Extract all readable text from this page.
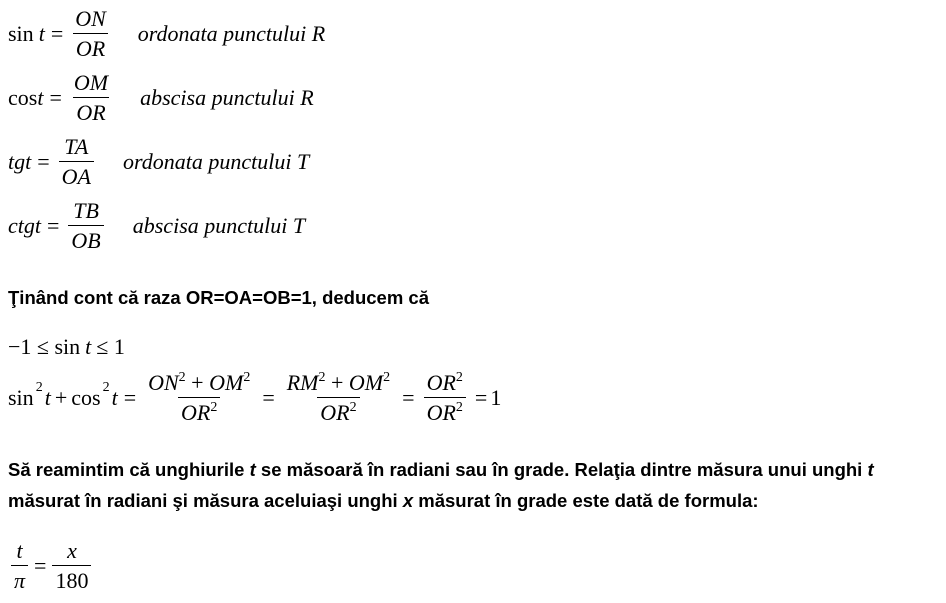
$\sin t = \frac{ON}{OR}$ ordonata punctului R
$\cos t = \frac{OM}{OR}$ abscisa punctului R
tgt = $\frac{TA}{OA}$ ordonata punctului T
ctgt = $\frac{TB}{OB}$ abscisa punctului T
Ţinând cont că raza OR=OA=OB=1, deducem că
−1 ≤ sin t ≤ 1
sin 2 t + cos 2 $t = \frac{ON^2 + OM^2}{OR^2} = \frac{RM^2 + OM^2}{OR^2} = \frac{OR^2}{OR^2} = 1$
Să reamintim că unghiurile t se măsoară în radiani sau în grade. Relaţia dintre măsura unui unghi t
măsurat în radiani şi măsura aceluiaşi unghi x măsurat în grade este dată de formula:
$\frac{t}{\pi} = \frac{x}{180}$
